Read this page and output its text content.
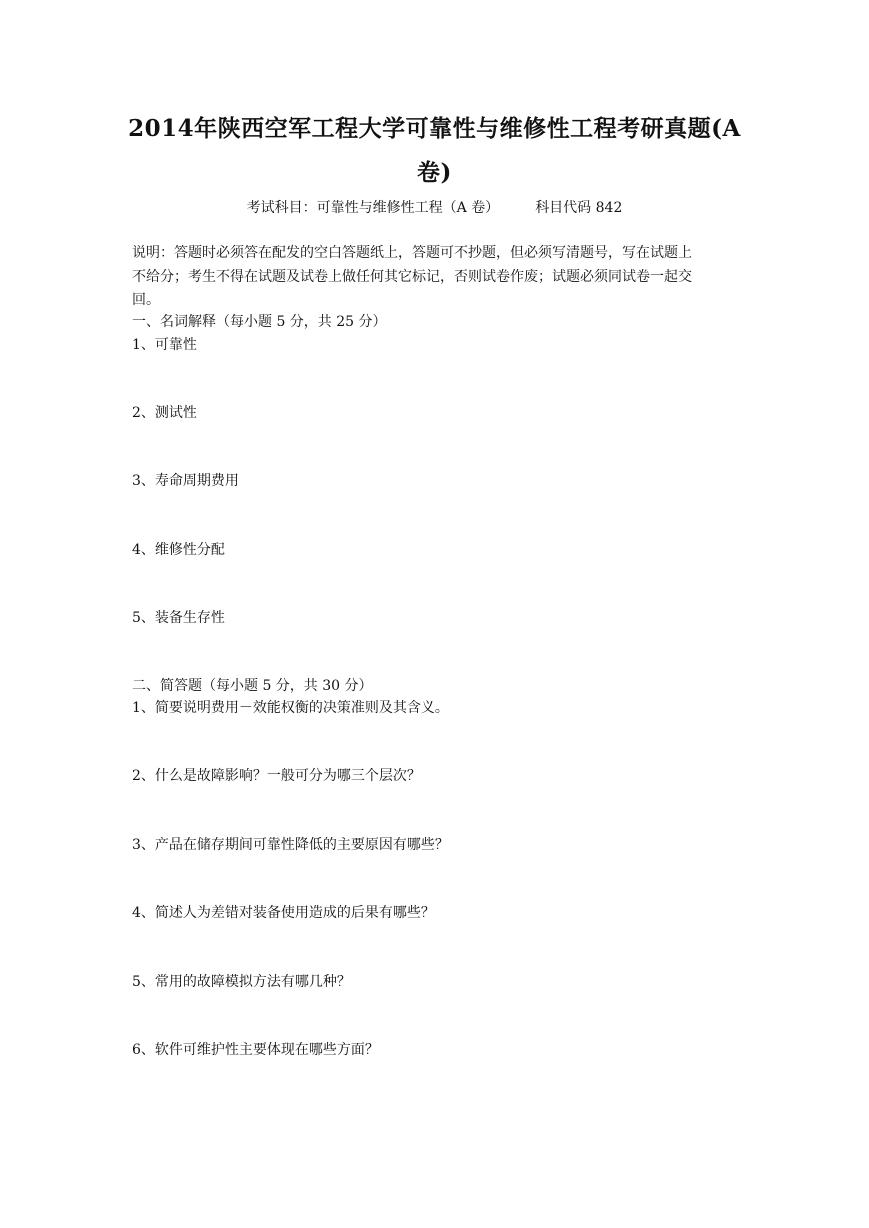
2014年陕西空军工程大学可靠性与维修性工程考研真题(A
卷)
考试科目：可靠性与维修性工程（A 卷）	科目代码 842
说明：答题时必须答在配发的空白答题纸上，答题可不抄题，但必须写清题号，写在试题上
不给分；考生不得在试题及试卷上做任何其它标记，否则试卷作废；试题必须同试卷一起交
回。
一、名词解释（每小题 5 分，共 25 分）
1、可靠性
2、测试性
3、寿命周期费用
4、维修性分配
5、装备生存性
二、简答题（每小题 5 分，共 30 分）
1、简要说明费用－效能权衡的决策准则及其含义。
2、什么是故障影响？一般可分为哪三个层次？
3、产品在储存期间可靠性降低的主要原因有哪些？
4、简述人为差错对装备使用造成的后果有哪些？
5、常用的故障模拟方法有哪几种？
6、软件可维护性主要体现在哪些方面？
